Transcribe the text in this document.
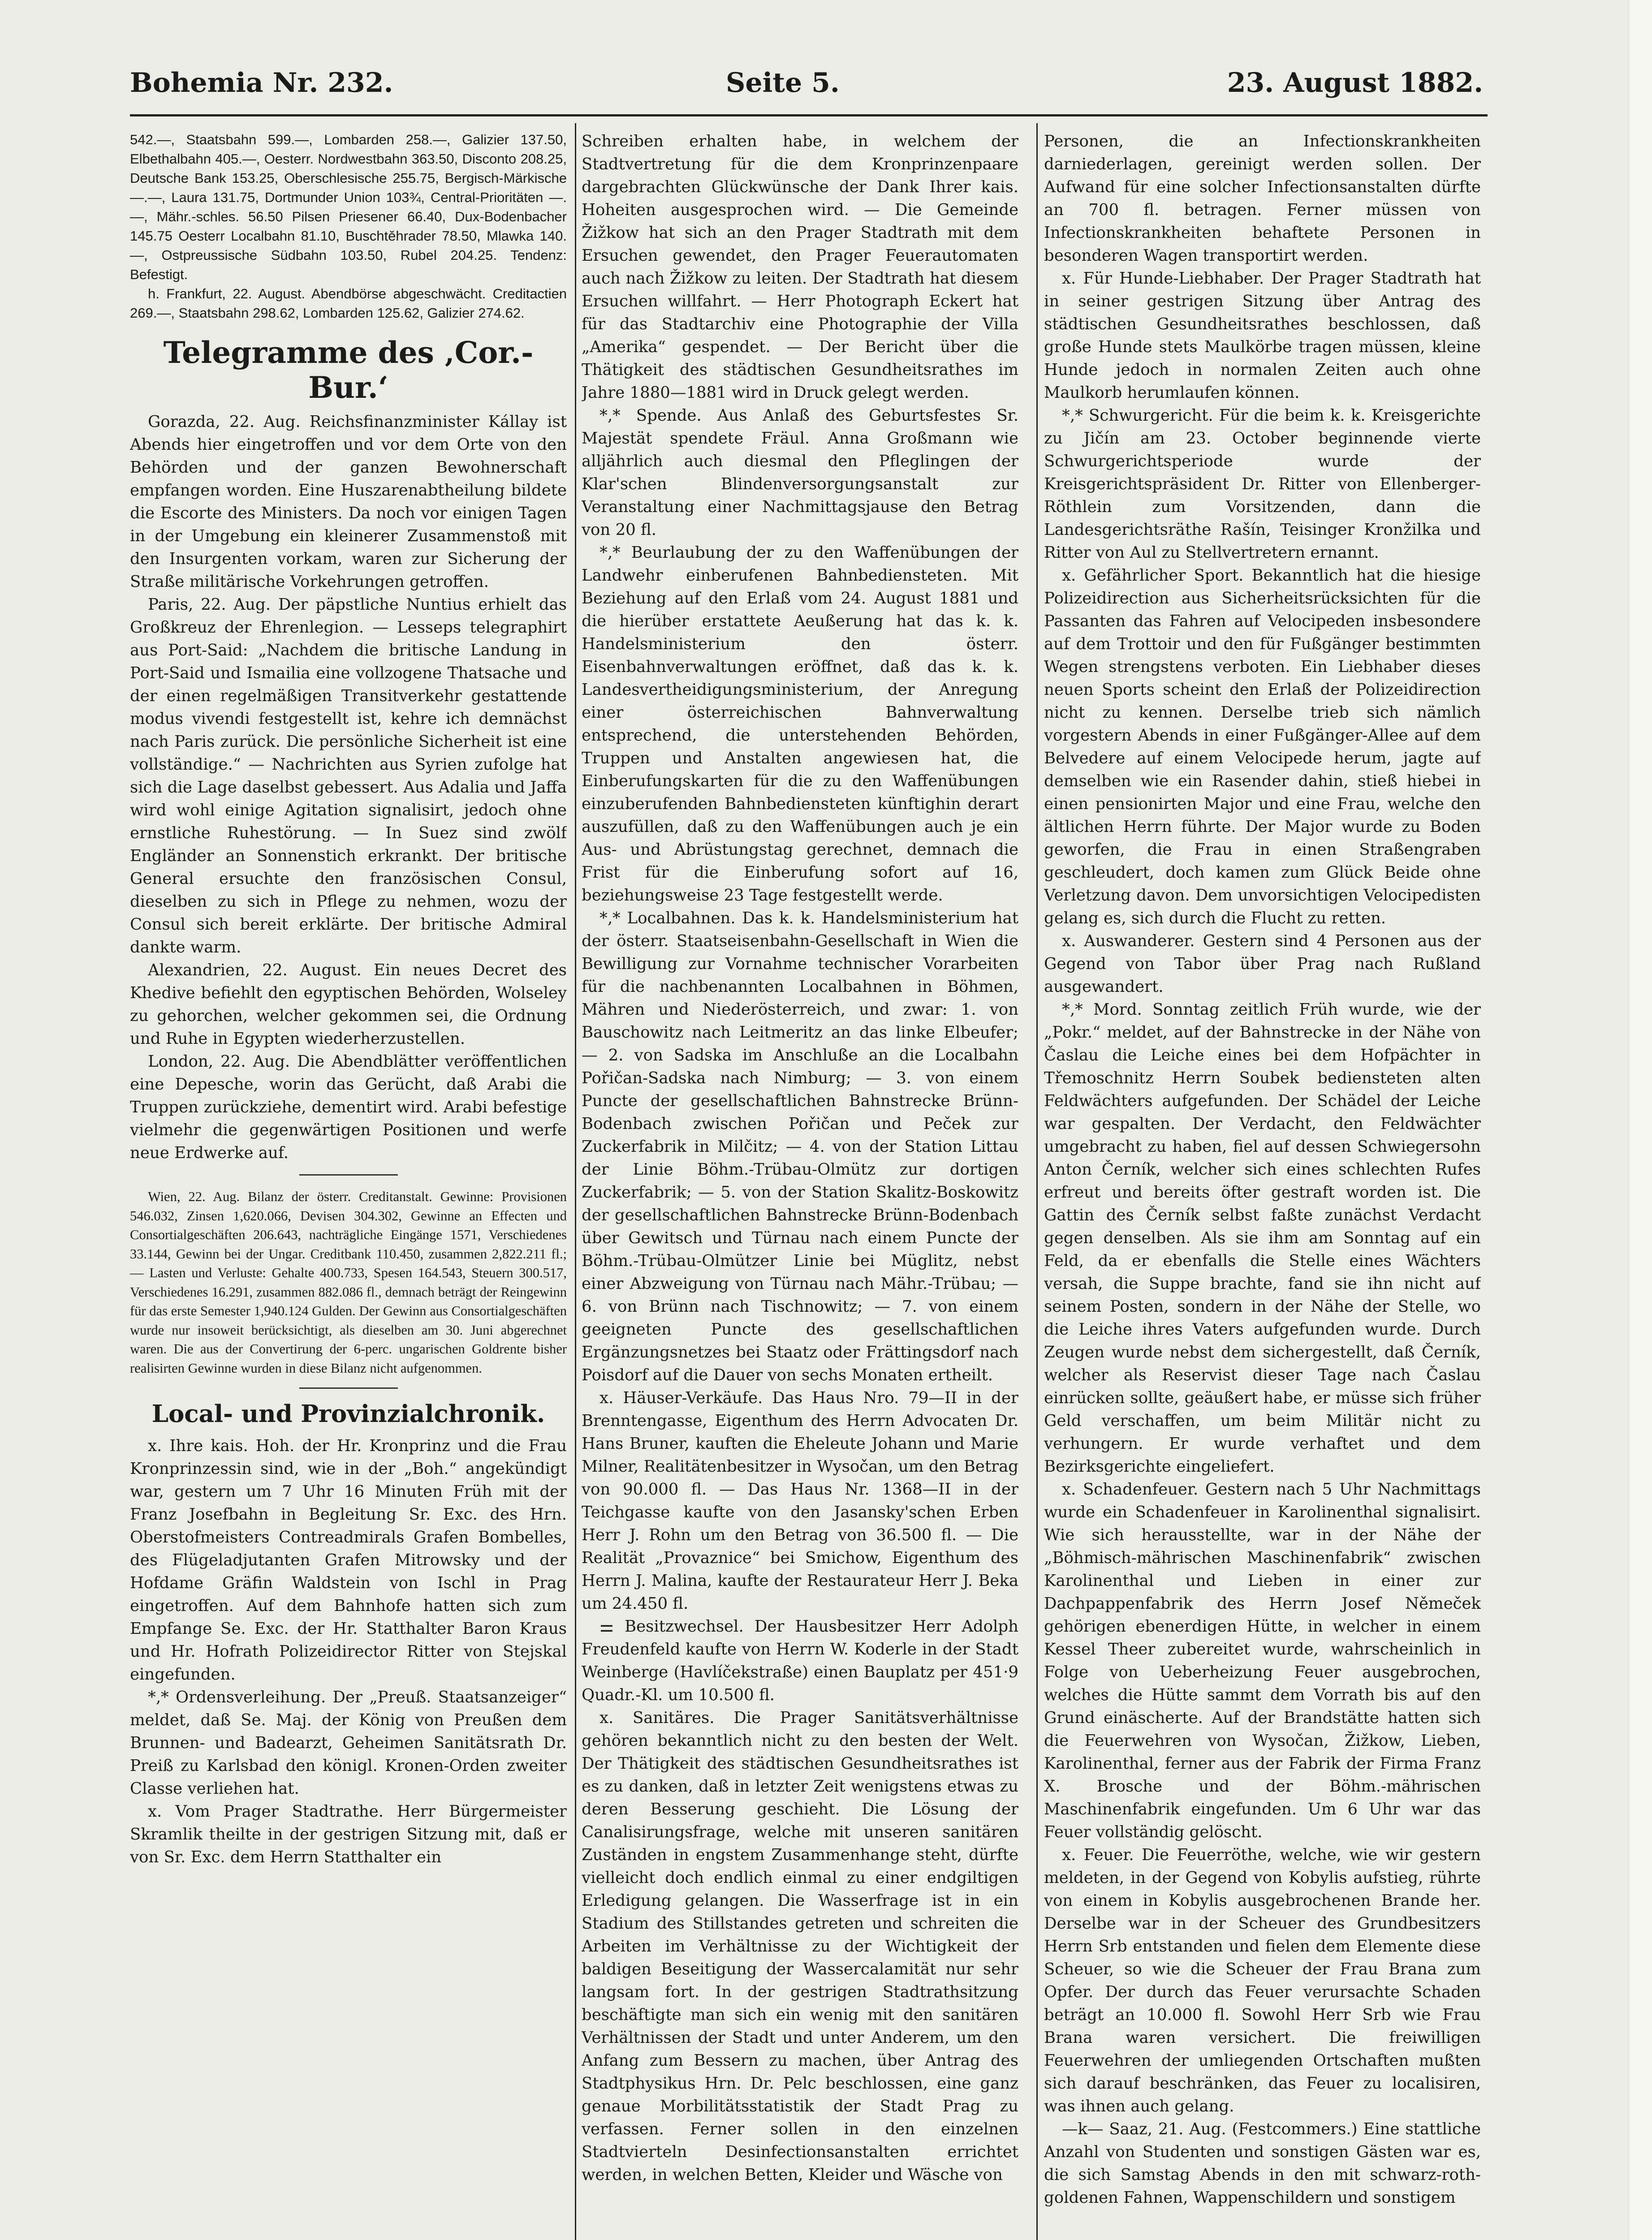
Bohemia Nr. 232.	Seite 5.	23. August 1882.

542.—, Staatsbahn 599.—, Lombarden 258.—, Galizier 137.50, Elbethalbahn 405.—, Oesterr. Nordwestbahn 363.50, Disconto 208.25, Deutsche Bank 153.25, Oberschlesische 255.75, Bergisch-Märkische —.—, Laura 131.75, Dortmunder Union 103¾, Central-Prioritäten —.—, Mähr.-schles. 56.50 Pilsen Priesener 66.40, Dux-Bodenbacher 145.75 Oesterr Localbahn 81.10, Buschtěhrader 78.50, Mlawka 140.—, Ostpreussische Südbahn 103.50, Rubel 204.25. Tendenz: Befestigt.

h. Frankfurt, 22. August. Abendbörse abgeschwächt. Creditactien 269.—, Staatsbahn 298.62, Lombarden 125.62, Galizier 274.62.

Telegramme des ‚Cor.-Bur.‘

Gorazda, 22. Aug. Reichsfinanzminister Kállay ist Abends hier eingetroffen und vor dem Orte von den Behörden und der ganzen Bewohnerschaft empfangen worden. Eine Huszarenabtheilung bildete die Escorte des Ministers. Da noch vor einigen Tagen in der Umgebung ein kleinerer Zusammenstoß mit den Insurgenten vorkam, waren zur Sicherung der Straße militärische Vorkehrungen getroffen.

Paris, 22. Aug. Der päpstliche Nuntius erhielt das Großkreuz der Ehrenlegion. — Lesseps telegraphirt aus Port-Said: „Nachdem die britische Landung in Port-Said und Ismailia eine vollzogene Thatsache und der einen regelmäßigen Transitverkehr gestattende modus vivendi festgestellt ist, kehre ich demnächst nach Paris zurück. Die persönliche Sicherheit ist eine vollständige.“ — Nachrichten aus Syrien zufolge hat sich die Lage daselbst gebessert. Aus Adalia und Jaffa wird wohl einige Agitation signalisirt, jedoch ohne ernstliche Ruhestörung. — In Suez sind zwölf Engländer an Sonnenstich erkrankt. Der britische General ersuchte den französischen Consul, dieselben zu sich in Pflege zu nehmen, wozu der Consul sich bereit erklärte. Der britische Admiral dankte warm.

Alexandrien, 22. August. Ein neues Decret des Khedive befiehlt den egyptischen Behörden, Wolseley zu gehorchen, welcher gekommen sei, die Ordnung und Ruhe in Egypten wiederherzustellen.

London, 22. Aug. Die Abendblätter veröffentlichen eine Depesche, worin das Gerücht, daß Arabi die Truppen zurückziehe, dementirt wird. Arabi befestige vielmehr die gegenwärtigen Positionen und werfe neue Erdwerke auf.

Wien, 22. Aug. Bilanz der österr. Creditanstalt. Gewinne: Provisionen 546.032, Zinsen 1,620.066, Devisen 304.302, Gewinne an Effecten und Consortialgeschäften 206.643, nachträgliche Eingänge 1571, Verschiedenes 33.144, Gewinn bei der Ungar. Creditbank 110.450, zusammen 2,822.211 fl.; — Lasten und Verluste: Gehalte 400.733, Spesen 164.543, Steuern 300.517, Verschiedenes 16.291, zusammen 882.086 fl., demnach beträgt der Reingewinn für das erste Semester 1,940.124 Gulden. Der Gewinn aus Consortialgeschäften wurde nur insoweit berücksichtigt, als dieselben am 30. Juni abgerechnet waren. Die aus der Convertirung der 6-perc. ungarischen Goldrente bisher realisirten Gewinne wurden in diese Bilanz nicht aufgenommen.

Local- und Provinzialchronik.

x. Ihre kais. Hoh. der Hr. Kronprinz und die Frau Kronprinzessin sind, wie in der „Boh.“ angekündigt war, gestern um 7 Uhr 16 Minuten Früh mit der Franz Josefbahn in Begleitung Sr. Exc. des Hrn. Oberstofmeisters Contreadmirals Grafen Bombelles, des Flügeladjutanten Grafen Mitrowsky und der Hofdame Gräfin Waldstein von Ischl in Prag eingetroffen. Auf dem Bahnhofe hatten sich zum Empfange Se. Exc. der Hr. Statthalter Baron Kraus und Hr. Hofrath Polizeidirector Ritter von Stejskal eingefunden.

*‚* Ordensverleihung. Der „Preuß. Staatsanzeiger“ meldet, daß Se. Maj. der König von Preußen dem Brunnen- und Badearzt, Geheimen Sanitätsrath Dr. Preiß zu Karlsbad den königl. Kronen-Orden zweiter Classe verliehen hat.

x. Vom Prager Stadtrathe. Herr Bürgermeister Skramlik theilte in der gestrigen Sitzung mit, daß er von Sr. Exc. dem Herrn Statthalter ein

Schreiben erhalten habe, in welchem der Stadtvertretung für die dem Kronprinzenpaare dargebrachten Glückwünsche der Dank Ihrer kais. Hoheiten ausgesprochen wird. — Die Gemeinde Žižkow hat sich an den Prager Stadtrath mit dem Ersuchen gewendet, den Prager Feuerautomaten auch nach Žižkow zu leiten. Der Stadtrath hat diesem Ersuchen willfahrt. — Herr Photograph Eckert hat für das Stadtarchiv eine Photographie der Villa „Amerika“ gespendet. — Der Bericht über die Thätigkeit des städtischen Gesundheitsrathes im Jahre 1880—1881 wird in Druck gelegt werden.

*‚* Spende. Aus Anlaß des Geburtsfestes Sr. Majestät spendete Fräul. Anna Großmann wie alljährlich auch diesmal den Pfleglingen der Klar'schen Blindenversorgungsanstalt zur Veranstaltung einer Nachmittagsjause den Betrag von 20 fl.

*‚* Beurlaubung der zu den Waffenübungen der Landwehr einberufenen Bahnbediensteten. Mit Beziehung auf den Erlaß vom 24. August 1881 und die hierüber erstattete Aeußerung hat das k. k. Handelsministerium den österr. Eisenbahnverwaltungen eröffnet, daß das k. k. Landesvertheidigungsministerium, der Anregung einer österreichischen Bahnverwaltung entsprechend, die unterstehenden Behörden, Truppen und Anstalten angewiesen hat, die Einberufungskarten für die zu den Waffenübungen einzuberufenden Bahnbediensteten künftighin derart auszufüllen, daß zu den Waffenübungen auch je ein Aus- und Abrüstungstag gerechnet, demnach die Frist für die Einberufung sofort auf 16, beziehungsweise 23 Tage festgestellt werde.

*‚* Localbahnen. Das k. k. Handelsministerium hat der österr. Staatseisenbahn-Gesellschaft in Wien die Bewilligung zur Vornahme technischer Vorarbeiten für die nachbenannten Localbahnen in Böhmen, Mähren und Niederösterreich, und zwar: 1. von Bauschowitz nach Leitmeritz an das linke Elbeufer; — 2. von Sadska im Anschluße an die Localbahn Pořičan-Sadska nach Nimburg; — 3. von einem Puncte der gesellschaftlichen Bahnstrecke Brünn-Bodenbach zwischen Pořičan und Peček zur Zuckerfabrik in Milčitz; — 4. von der Station Littau der Linie Böhm.-Trübau-Olmütz zur dortigen Zuckerfabrik; — 5. von der Station Skalitz-Boskowitz der gesellschaftlichen Bahnstrecke Brünn-Bodenbach über Gewitsch und Türnau nach einem Puncte der Böhm.-Trübau-Olmützer Linie bei Müglitz, nebst einer Abzweigung von Türnau nach Mähr.-Trübau; — 6. von Brünn nach Tischnowitz; — 7. von einem geeigneten Puncte des gesellschaftlichen Ergänzungsnetzes bei Staatz oder Frättingsdorf nach Poisdorf auf die Dauer von sechs Monaten ertheilt.

x. Häuser-Verkäufe. Das Haus Nro. 79—II in der Brenntengasse, Eigenthum des Herrn Advocaten Dr. Hans Bruner, kauften die Eheleute Johann und Marie Milner, Realitätenbesitzer in Wysočan, um den Betrag von 90.000 fl. — Das Haus Nr. 1368—II in der Teichgasse kaufte von den Jasansky'schen Erben Herr J. Rohn um den Betrag von 36.500 fl. — Die Realität „Provaznice“ bei Smichow, Eigenthum des Herrn J. Malina, kaufte der Restaurateur Herr J. Beka um 24.450 fl.

⚌ Besitzwechsel. Der Hausbesitzer Herr Adolph Freudenfeld kaufte von Herrn W. Koderle in der Stadt Weinberge (Havlíčekstraße) einen Bauplatz per 451·9 Quadr.-Kl. um 10.500 fl.

x. Sanitäres. Die Prager Sanitätsverhältnisse gehören bekanntlich nicht zu den besten der Welt. Der Thätigkeit des städtischen Gesundheitsrathes ist es zu danken, daß in letzter Zeit wenigstens etwas zu deren Besserung geschieht. Die Lösung der Canalisirungsfrage, welche mit unseren sanitären Zuständen in engstem Zusammenhange steht, dürfte vielleicht doch endlich einmal zu einer endgiltigen Erledigung gelangen. Die Wasserfrage ist in ein Stadium des Stillstandes getreten und schreiten die Arbeiten im Verhältnisse zu der Wichtigkeit der baldigen Beseitigung der Wassercalamität nur sehr langsam fort. In der gestrigen Stadtrathsitzung beschäftigte man sich ein wenig mit den sanitären Verhältnissen der Stadt und unter Anderem, um den Anfang zum Bessern zu machen, über Antrag des Stadtphysikus Hrn. Dr. Pelc beschlossen, eine ganz genaue Morbilitätsstatistik der Stadt Prag zu verfassen. Ferner sollen in den einzelnen Stadtvierteln Desinfectionsanstalten errichtet werden, in welchen Betten, Kleider und Wäsche von

Personen, die an Infectionskrankheiten darniederlagen, gereinigt werden sollen. Der Aufwand für eine solcher Infectionsanstalten dürfte an 700 fl. betragen. Ferner müssen von Infectionskrankheiten behaftete Personen in besonderen Wagen transportirt werden.

x. Für Hunde-Liebhaber. Der Prager Stadtrath hat in seiner gestrigen Sitzung über Antrag des städtischen Gesundheitsrathes beschlossen, daß große Hunde stets Maulkörbe tragen müssen, kleine Hunde jedoch in normalen Zeiten auch ohne Maulkorb herumlaufen können.

*‚* Schwurgericht. Für die beim k. k. Kreisgerichte zu Jičín am 23. October beginnende vierte Schwurgerichtsperiode wurde der Kreisgerichtspräsident Dr. Ritter von Ellenberger-Röthlein zum Vorsitzenden, dann die Landesgerichtsräthe Rašín, Teisinger Kronžilka und Ritter von Aul zu Stellvertretern ernannt.

x. Gefährlicher Sport. Bekanntlich hat die hiesige Polizeidirection aus Sicherheitsrücksichten für die Passanten das Fahren auf Velocipeden insbesondere auf dem Trottoir und den für Fußgänger bestimmten Wegen strengstens verboten. Ein Liebhaber dieses neuen Sports scheint den Erlaß der Polizeidirection nicht zu kennen. Derselbe trieb sich nämlich vorgestern Abends in einer Fußgänger-Allee auf dem Belvedere auf einem Velocipede herum, jagte auf demselben wie ein Rasender dahin, stieß hiebei in einen pensionirten Major und eine Frau, welche den ältlichen Herrn führte. Der Major wurde zu Boden geworfen, die Frau in einen Straßengraben geschleudert, doch kamen zum Glück Beide ohne Verletzung davon. Dem unvorsichtigen Velocipedisten gelang es, sich durch die Flucht zu retten.

x. Auswanderer. Gestern sind 4 Personen aus der Gegend von Tabor über Prag nach Rußland ausgewandert.

*‚* Mord. Sonntag zeitlich Früh wurde, wie der „Pokr.“ meldet, auf der Bahnstrecke in der Nähe von Časlau die Leiche eines bei dem Hofpächter in Třemoschnitz Herrn Soubek bediensteten alten Feldwächters aufgefunden. Der Schädel der Leiche war gespalten. Der Verdacht, den Feldwächter umgebracht zu haben, fiel auf dessen Schwiegersohn Anton Černík, welcher sich eines schlechten Rufes erfreut und bereits öfter gestraft worden ist. Die Gattin des Černík selbst faßte zunächst Verdacht gegen denselben. Als sie ihm am Sonntag auf ein Feld, da er ebenfalls die Stelle eines Wächters versah, die Suppe brachte, fand sie ihn nicht auf seinem Posten, sondern in der Nähe der Stelle, wo die Leiche ihres Vaters aufgefunden wurde. Durch Zeugen wurde nebst dem sichergestellt, daß Černík, welcher als Reservist dieser Tage nach Časlau einrücken sollte, geäußert habe, er müsse sich früher Geld verschaffen, um beim Militär nicht zu verhungern. Er wurde verhaftet und dem Bezirksgerichte eingeliefert.

x. Schadenfeuer. Gestern nach 5 Uhr Nachmittags wurde ein Schadenfeuer in Karolinenthal signalisirt. Wie sich herausstellte, war in der Nähe der „Böhmisch-mährischen Maschinenfabrik“ zwischen Karolinenthal und Lieben in einer zur Dachpappenfabrik des Herrn Josef Němeček gehörigen ebenerdigen Hütte, in welcher in einem Kessel Theer zubereitet wurde, wahrscheinlich in Folge von Ueberheizung Feuer ausgebrochen, welches die Hütte sammt dem Vorrath bis auf den Grund einäscherte. Auf der Brandstätte hatten sich die Feuerwehren von Wysočan, Žižkow, Lieben, Karolinenthal, ferner aus der Fabrik der Firma Franz X. Brosche und der Böhm.-mährischen Maschinenfabrik eingefunden. Um 6 Uhr war das Feuer vollständig gelöscht.

x. Feuer. Die Feuerröthe, welche, wie wir gestern meldeten, in der Gegend von Kobylis aufstieg, rührte von einem in Kobylis ausgebrochenen Brande her. Derselbe war in der Scheuer des Grundbesitzers Herrn Srb entstanden und fielen dem Elemente diese Scheuer, so wie die Scheuer der Frau Brana zum Opfer. Der durch das Feuer verursachte Schaden beträgt an 10.000 fl. Sowohl Herr Srb wie Frau Brana waren versichert. Die freiwilligen Feuerwehren der umliegenden Ortschaften mußten sich darauf beschränken, das Feuer zu localisiren, was ihnen auch gelang.

—k— Saaz, 21. Aug. (Festcommers.) Eine stattliche Anzahl von Studenten und sonstigen Gästen war es, die sich Samstag Abends in den mit schwarz-roth-goldenen Fahnen, Wappenschildern und sonstigem
